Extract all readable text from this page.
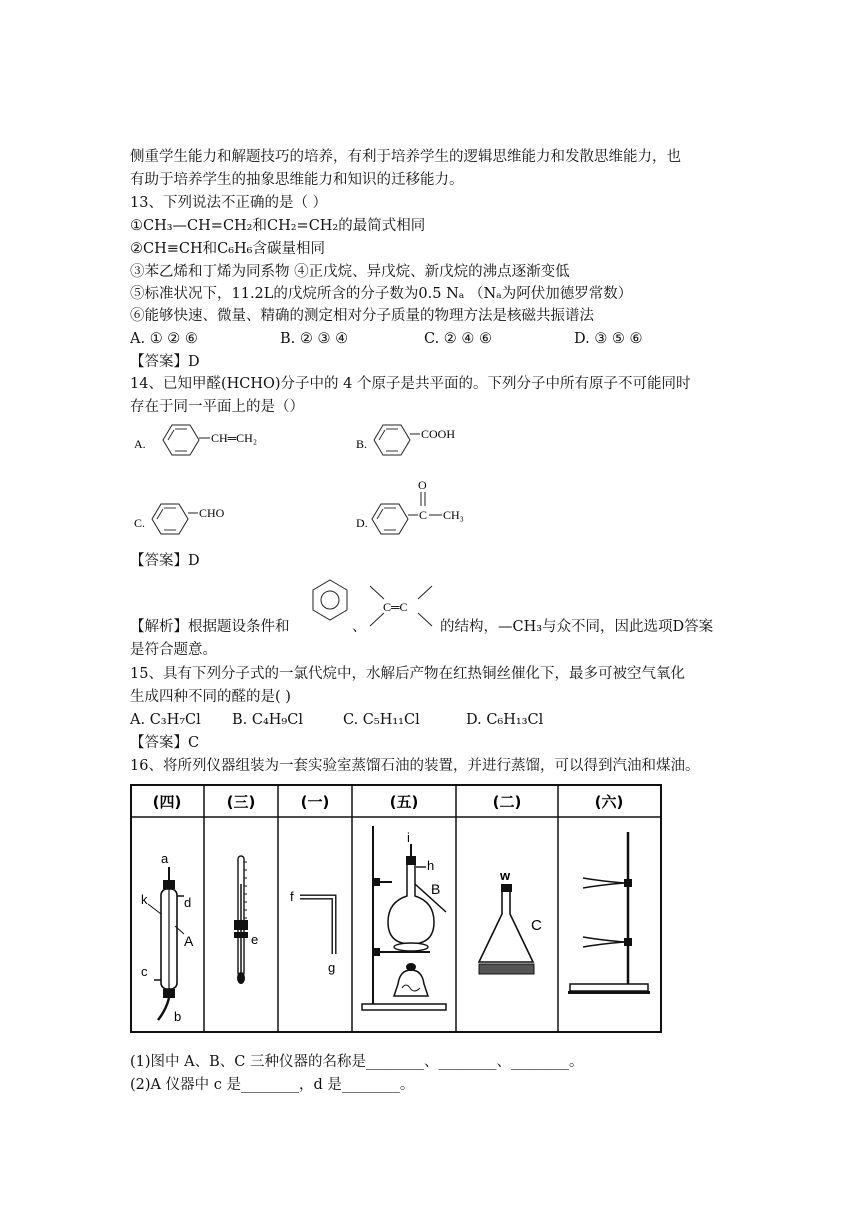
侧重学生能力和解题技巧的培养，有利于培养学生的逻辑思维能力和发散思维能力，也
有助于培养学生的抽象思维能力和知识的迁移能力。
13、下列说法不正确的是（ ）
①CH₃—CH=CH₂和CH₂=CH₂的最简式相同
②CH≡CH和C₆H₆含碳量相同
③苯乙烯和丁烯为同系物 ④正戊烷、异戊烷、新戊烷的沸点逐渐变低
⑤标准状况下，11.2L的戊烷所含的分子数为0.5 Nₐ （Nₐ为阿伏加德罗常数）
⑥能够快速、微量、精确的测定相对分子质量的物理方法是核磁共振谱法
A. ① ② ⑥	B. ② ③ ④	C. ② ④ ⑥	D. ③ ⑤ ⑥
【答案】D
14、已知甲醛(HCHO)分子中的 4 个原子是共平面的。下列分子中所有原子不可能同时
存在于同一平面上的是（）
A.	CH═CH₂	B.
COOH
C.
CHO
D.
C
O
CH₃
【答案】D
C═C
【解析】根据题设条件和	、	的结构，—CH₃与众不同，因此选项D答案
是符合题意。
15、具有下列分子式的一氯代烷中，水解后产物在红热铜丝催化下，最多可被空气氧化
生成四种不同的醛的是( )
A. C₃H₇Cl B. C₄H₉Cl	C. C₅H₁₁Cl	D. C₆H₁₃Cl
【答案】C
16、将所列仪器组装为一套实验室蒸馏石油的装置，并进行蒸馏，可以得到汽油和煤油。
(四)	(三)	(一)	(五)	(二)	(六)
a
k	d
A
c
b
e
f
g
i
h
B
w
C
(1)图中 A、B、C 三种仪器的名称是________、________、________。
(2)A 仪器中 c 是________，d 是________。
